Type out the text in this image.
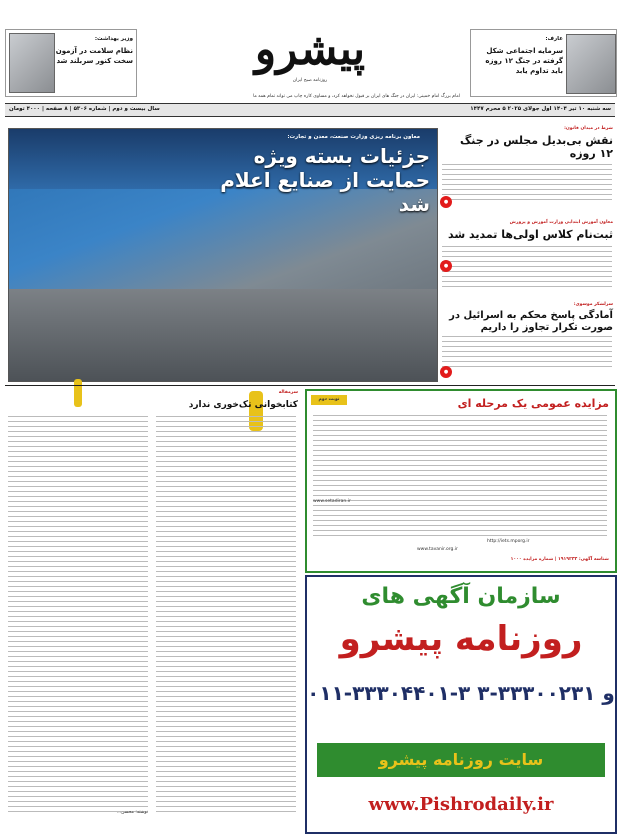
عارف:
سرمایه اجتماعی شکل گرفته در جنگ ۱۲ روزه باید تداوم یابد
پیشرو
روزنامه صبح ایران
وزیر بهداشت:
نظام سلامت در آزمون سخت کنور سربلند شد
امام بزرگ امام خمینی: ایران در جنگ های ایران بر قبول نخواهد کرد، و مساوی کاره چاپ می تواند تمام همه ما
سه شنبه ۱۰ تیر ۱۴۰۴ اول جولای ۲۰۲۵ ۵ محرم ۱۴۴۷
سال بیست و دوم | شماره ۵۳۰۶ | ۸ صفحه | ۴۰۰۰ تومان
معاون برنامه ریزی وزارت صنعت، معدن و تجارت:
جزئیات بسته ویژه حمایت از صنایع اعلام شد
شرط در میدان قانون:
نقش بی‌بدیل مجلس در جنگ ۱۲ روزه
●
معاون آموزش ابتدایی وزارت آموزش و پرورش
ثبت‌نام کلاس اولی‌ها تمدید شد
●
سرلشکر موسوی:
آمادگی پاسخ محکم به اسرائیل در صورت تکرار تجاوز را داریم
●
سرمقاله
کتابخوانی تک‌خوری ندارد
نوشته: محسن...
نوبت دوم	مزایده عمومی یک مرحله ای
www.setadiran.ir
http://iets.mporg.ir
www.tavanir.org.ir
شناسه آگهی: ۱۹۱۹۲۳۳ | شماره مزایده ۱۰۰۰
سازمان آگهی های
روزنامه پیشرو
۰۱۱-۳۳۳۰۴۴۰۱-۳ و ۳۳۳۰۰۲۳۱-۳
سایت روزنامه پیشرو
www.Pishrodaily.ir
